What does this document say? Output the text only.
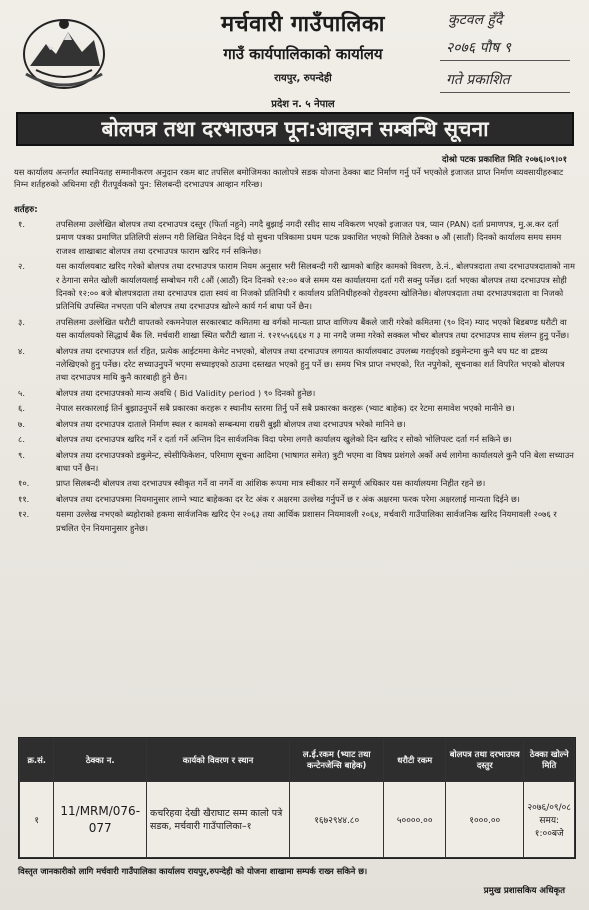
मर्चवारी गाउँपालिका
गाउँ कार्यपालिकाको कार्यालय
रायपुर, रुपन्देही
प्रदेश न. ५ नेपाल
कुटवल हुँदै
२०७६ पौष ९
गते प्रकाशित
बोलपत्र तथा दरभाउपत्र पून:आव्हान सम्बन्धि सूचना
दोश्रो पटक प्रकाशित मिति २०७६।०९।०१
यस कार्यालय अन्तर्गत स्थानियतह सम्मानीकरण अनुदान रकम बाट तपसिल बमोजिमका कालोपत्रे सडक योजना ठेक्का बाट निर्माण गर्नु पर्ने भएकोले इजाजत प्राप्त निर्माण व्यवसायीहरुबाट निम्न शर्तहरुको अधिनमा रही रीतपूर्वकको पुन: सिलबन्दी दरभाउपत्र आव्हान गरिन्छ।
शर्तहरु:
१.	तपसिलमा उल्लेखित बोलपत्र तथा दरभाउपत्र दस्तुर (फिर्ता नहुने) नगदै बुझाई नगदी रसीद साथ नविकरण भएको इजाजत पत्र, प्यान (PAN) दर्ता प्रमाणपत्र, मु.अ.कर दर्ता प्रमाण पत्रका प्रमाणित प्रतिलिपी संलग्न गरी लिखित निवेदन दिई यो सुचना पत्रिकामा प्रथम पटक प्रकाशित भएको मितिले ठेक्का ७ औं (सातौं) दिनको कार्यालय समय समम राजश्व शाखाबाट बोलपत्र तथा दरभाउपत्र फाराम खरिद गर्न सकिनेछ।
२.	यस कार्यालयबाट खरिद गरेको बोलपत्र तथा दरभाउपत्र फाराम नियम अनुसार भरी सिलबन्दी गरी खामको बाहिर कामको विवरण, ठे.नं., बोलपत्रदाता तथा दरभाउपत्रदाताको नाम र ठेगाना समेत खोली कार्यालयलाई सम्बोधन गरी ८औं (आठौं) दिन दिनको १२:०० बजे समम यस कार्यालयमा दर्ता गरी सक्नु पर्नेछ। दर्ता भएका बोलपत्र तथा दरभाउपत्र सोही दिनको १२:०० बजे बोलपत्रदाता तथा दरभाउपत्र दाता स्वयं वा निजको प्रतिनिधी र कार्यालय प्रतिनिधीहरुको रोहवरमा खोलिनेछ। बोलपत्रदाता तथा दरभाउपत्रदाता वा निजको प्रतिनिधि उपस्थित नभएता पनि बोलपत्र तथा दरभाउपत्र खोल्ने कार्य गर्न बाधा पर्ने छैन।
३.	तपसिलमा उल्लेखित धरौटी वापतको रकमनेपाल सरकारबाट कमितमा ख वर्गको मान्यता प्राप्त वाणिज्य बैंकले जारी गरेको कमितमा (९० दिन) म्याद भएको बिडबण्ड धरौटी वा यस कार्यालयको सिद्धार्थ बैंक लि. मर्चवारी शाखा स्थित धरौटी खाता नं. १२१५५६६६४ ग ३ मा नगदै जम्मा गरेको सक्कल भौचर बोलपत्र तथा दरभाउपत्र साथ संलग्न हुनु पर्नेछ।
४.	बोलपत्र तथा दरभाउपत्र शर्त रहित, प्रत्येक आईटममा केमेट नभएको, बोलपत्र तथा दरभाउपत्र लगायत कार्यालयबाट उपलब्ध गराईएको डकुमेन्टमा कुनै थप घट वा द्रष्टव्य नलेखिएको हुनु पर्नेछ। दरेट सच्याउनुपर्ने भएमा सच्याइएको ठाउमा दस्तखत भएको हुनु पर्ने छ। समय भित्र प्राप्त नभएको, रित नपुगेको, सूचनाका शर्त विपरित भएको बोलपत्र तथा दरभाउपत्र माथि कुनै कारबाही हुने छैन।
५.	बोलपत्र तथा दरभाउपत्रको मान्य अवधि ( Bid Validity period ) ९० दिनको हुनेछ।
६.	नेपाल सरकारलाई तिर्न बुझाउनुपर्ने सबै प्रकारका करहरू र स्थानीय स्तरमा तिर्नु पर्ने सबै प्रकारका करहरू (भ्याट बाहेक) दर रेटमा समावेश भएको मानीने छ।
७.	बोलपत्र तथा दरभाउपत्र दाताले निर्माण स्थल र कामको सम्बन्धमा राम्ररी बुझी बोलपत्र तथा दरभाउपत्र भरेको मानिने छ।
८.	बोलपत्र तथा दरभाउपत्र खरिद गर्ने र दर्ता गर्ने अन्तिम दिन सार्वजनिक विदा परेमा लगत्तै कार्यालय खुलेको दिन खरिद र सोको भोलिपल्ट दर्ता गर्न सकिने छ।
९.	बोलपत्र तथा दरभाउपत्रको डकुमेन्ट, स्पेसीफिकेशन, परिमाण सूचना आदिमा (भाषागत समेत) त्रुटी भएमा वा विषय प्रशंगले अर्को अर्थ लागेमा कार्यालयले कुनै पनि बेला सच्याउन बाधा पर्ने छैन।
१०.	प्राप्त सिलबन्दी बोलपत्र तथा दरभाउपत्र स्वीकृत गर्ने वा नगर्ने वा आंशिक रूपमा मात्र स्वीकार गर्ने सम्पूर्ण अधिकार यस कार्यालयमा निहीत रहने छ।
११.	बोलपत्र तथा दरभाउपत्रमा नियमानुसार लाग्ने भ्याट बाहेकका दर रेट अंक र अक्षरमा उल्लेख गर्नुपर्ने छ र अंक अक्षरमा फरक परेमा अक्षरलाई मान्यता दिईने छ।
१२.	यसमा उल्लेख नभएको ब्यहोराको हकमा सार्वजनिक खरिद ऐन २०६३ तथा आर्थिक प्रशासन नियमावली २०६४, मर्चवारी गाउँपालिका सार्वजनिक खरिद नियमावली २०७६ र प्रचलित ऐन नियमानुसार हुनेछ।
क्र.सं.	ठेक्का न.	कार्यको विवरण र स्थान	ल.ई.रकम (भ्याट तथा कन्टेनजेन्सि बाहेक)	धरौटी रकम	बोलपत्र तथा दरभाउपत्र दस्तुर	ठेक्का खोल्ने मिति
१	11/MRM/076-077	कचरिहवा देखी खैराघाट सम्म कालो पत्रे सडक, मर्चवारी गाउँपालिका–१	१६७२९४४.८०	५००००.००	१०००.००	२०७६/०९/०८
समय: १:००बजे
विस्तृत जानकारीको लागि मर्चवारी गाउँपालिका कार्यालय रायपुर,रुपन्देही को योजना शाखामा सम्पर्क राख्न सकिने छ।
प्रमुख प्रशासकिय अधिकृत
